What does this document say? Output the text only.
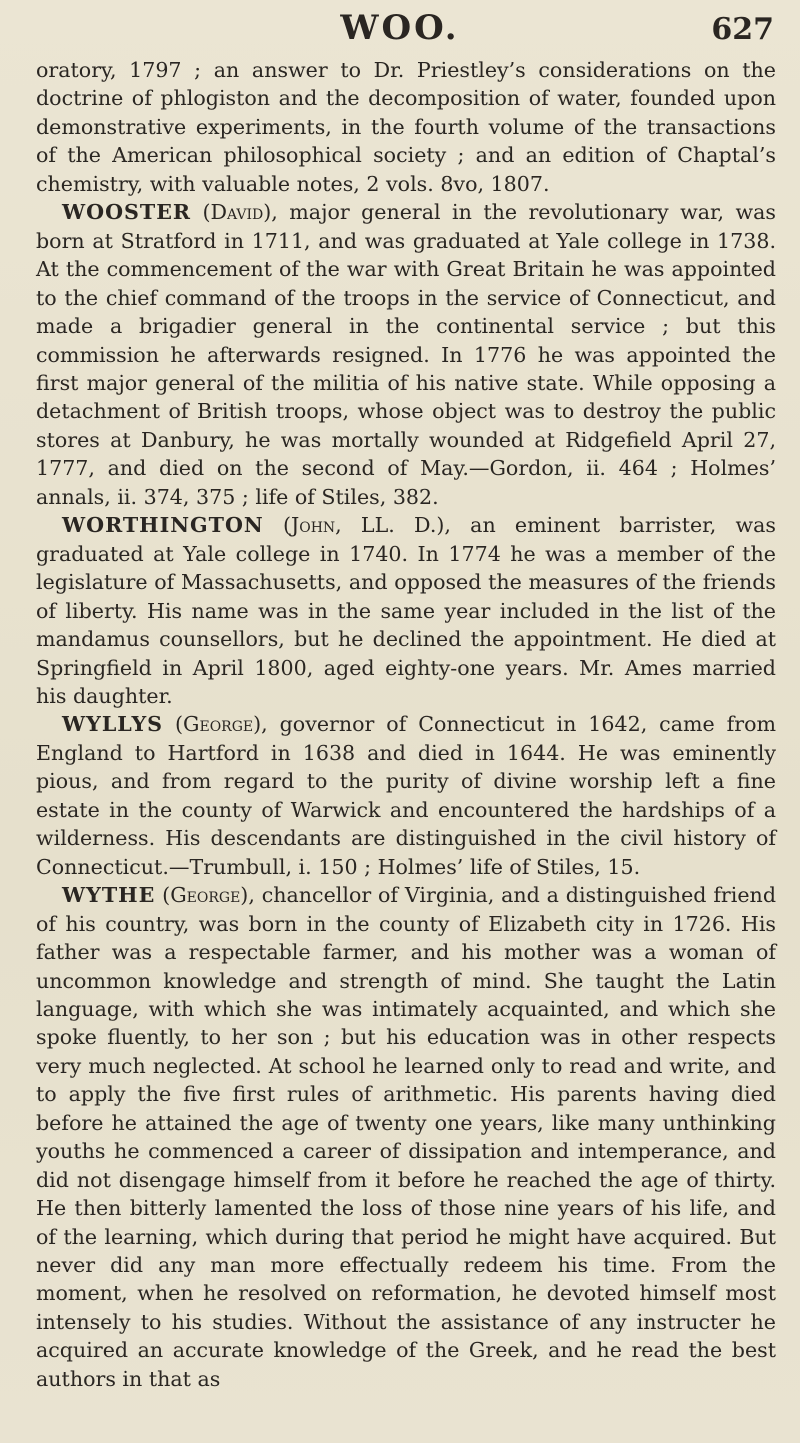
WOO.	627

oratory, 1797 ; an answer to Dr. Priestley’s considerations on the doctrine of phlogiston and the decomposition of water, founded upon demonstrative experiments, in the fourth volume of the transactions of the American philosophical society ; and an edition of Chaptal’s chemistry, with valuable notes, 2 vols. 8vo, 1807.

WOOSTER (David), major general in the revolutionary war, was born at Stratford in 1711, and was graduated at Yale college in 1738. At the commencement of the war with Great Britain he was appointed to the chief command of the troops in the service of Connecticut, and made a brigadier general in the continental service ; but this commission he afterwards resigned. In 1776 he was appointed the first major general of the militia of his native state. While opposing a detachment of British troops, whose object was to destroy the public stores at Danbury, he was mortally wounded at Ridgefield April 27, 1777, and died on the second of May.—Gordon, ii. 464 ; Holmes’ annals, ii. 374, 375 ; life of Stiles, 382.

WORTHINGTON (John, LL. D.), an eminent barrister, was graduated at Yale college in 1740. In 1774 he was a member of the legislature of Massachusetts, and opposed the measures of the friends of liberty. His name was in the same year included in the list of the mandamus counsellors, but he declined the appointment. He died at Springfield in April 1800, aged eighty-one years. Mr. Ames married his daughter.

WYLLYS (George), governor of Connecticut in 1642, came from England to Hartford in 1638 and died in 1644. He was eminently pious, and from regard to the purity of divine worship left a fine estate in the county of Warwick and encountered the hardships of a wilderness. His descendants are distinguished in the civil history of Connecticut.—Trumbull, i. 150 ; Holmes’ life of Stiles, 15.

WYTHE (George), chancellor of Virginia, and a distinguished friend of his country, was born in the county of Elizabeth city in 1726. His father was a respectable farmer, and his mother was a woman of uncommon knowledge and strength of mind. She taught the Latin language, with which she was intimately acquainted, and which she spoke fluently, to her son ; but his education was in other respects very much neglected. At school he learned only to read and write, and to apply the five first rules of arithmetic. His parents having died before he attained the age of twenty one years, like many unthinking youths he commenced a career of dissipation and intemperance, and did not disengage himself from it before he reached the age of thirty. He then bitterly lamented the loss of those nine years of his life, and of the learning, which during that period he might have acquired. But never did any man more effectually redeem his time. From the moment, when he resolved on reformation, he devoted himself most intensely to his studies. Without the assistance of any instructer he acquired an accurate knowledge of the Greek, and he read the best authors in that as
